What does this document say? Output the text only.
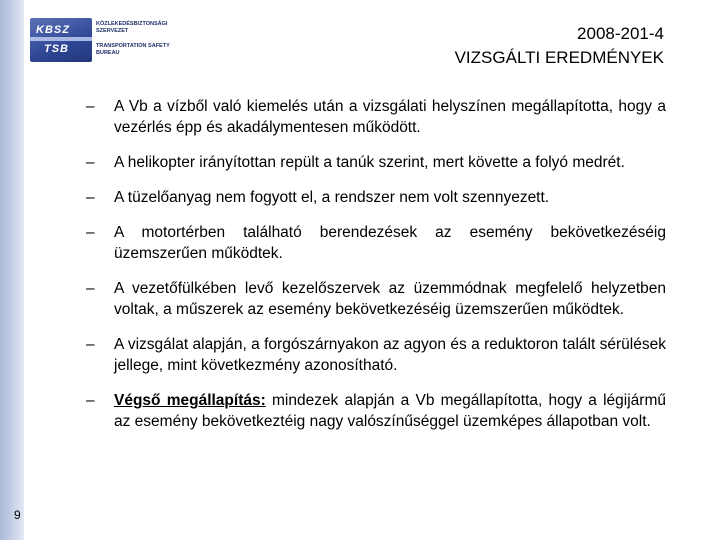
KBSZ
TSB
KÖZLEKEDÉSBIZTONSÁGI
SZERVEZET
TRANSPORTATION SAFETY
BUREAU
2008-201-4
VIZSGÁLTI EREDMÉNYEK
– A Vb a vízből való kiemelés után a vizsgálati helyszínen megállapította, hogy a vezérlés épp és akadálymentesen működött.
– A helikopter irányítottan repült a tanúk szerint, mert követte a folyó medrét.
– A tüzelőanyag nem fogyott el, a rendszer nem volt szennyezett.
– A motortérben található berendezések az esemény bekövetkezéséig üzemszerűen működtek.
– A vezetőfülkében levő kezelőszervek az üzemmódnak megfelelő helyzetben voltak, a műszerek az esemény bekövetkezéséig üzemszerűen működtek.
– A vizsgálat alapján, a forgószárnyakon az agyon és a reduktoron talált sérülések jellege, mint következmény azonosítható.
– Végső megállapítás: mindezek alapján a Vb megállapította, hogy a légijármű az esemény bekövetkeztéig nagy valószínűséggel üzemképes állapotban volt.
9
